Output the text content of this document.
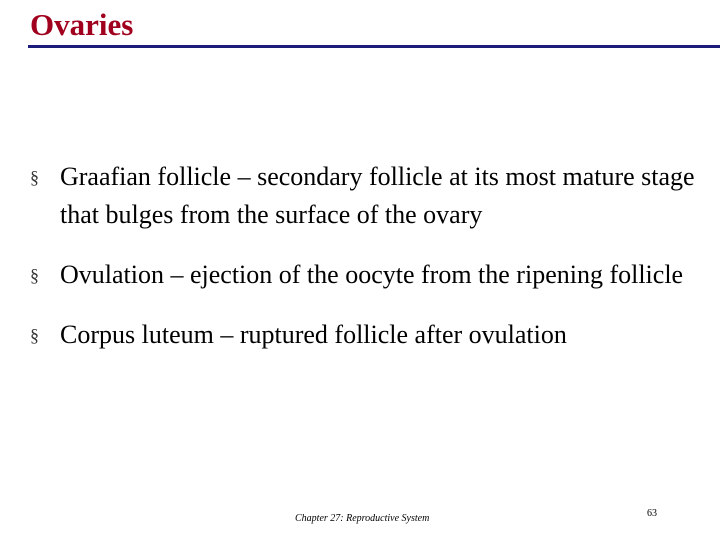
Ovaries
§ Graafian follicle – secondary follicle at its most mature stage that bulges from the surface of the ovary
§ Ovulation – ejection of the oocyte from the ripening follicle
§ Corpus luteum – ruptured follicle after ovulation
Chapter 27: Reproductive System	63
